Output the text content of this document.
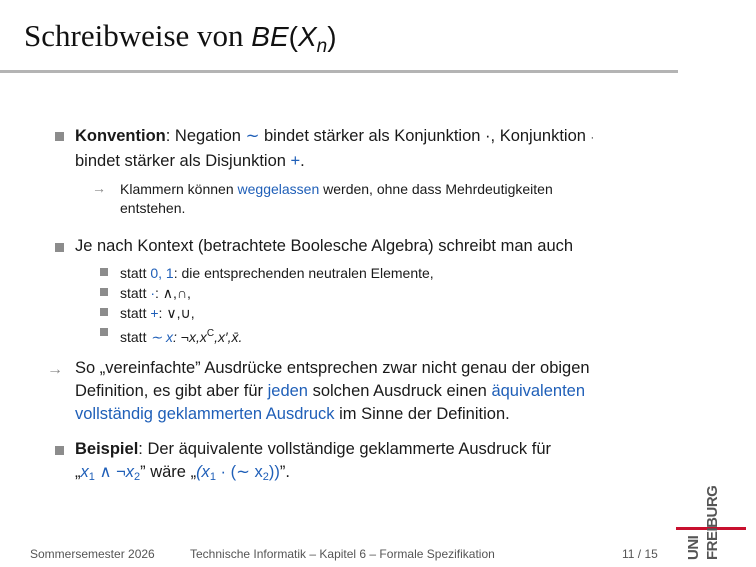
Schreibweise von $BE(X_n)$
Konvention: Negation ∼ bindet stärker als Konjunktion ·, Konjunktion ·
bindet stärker als Disjunktion +.
→ Klammern können weggelassen werden, ohne dass Mehrdeutigkeiten
entstehen.
Je nach Kontext (betrachtete Boolesche Algebra) schreibt man auch
statt 0, 1: die entsprechenden neutralen Elemente,
statt ·: ∧,∩,
statt +: ∨,∪,
statt ∼ x: $\neg x,x^C,x',x̄$.
→ So „vereinfachte” Ausdrücke entsprechen zwar nicht genau der obigen
Definition, es gibt aber für jeden solchen Ausdruck einen äquivalenten
vollständig geklammerten Ausdruck im Sinne der Definition.
Beispiel: Der äquivalente vollständige geklammerte Ausdruck für
„x1 ∧ ¬x2” wäre „(x1 · (∼ x2))”.
Sommersemester 2026	Technische Informatik – Kapitel 6 – Formale Spezifikation	11 / 15 UNI FREIBURG
